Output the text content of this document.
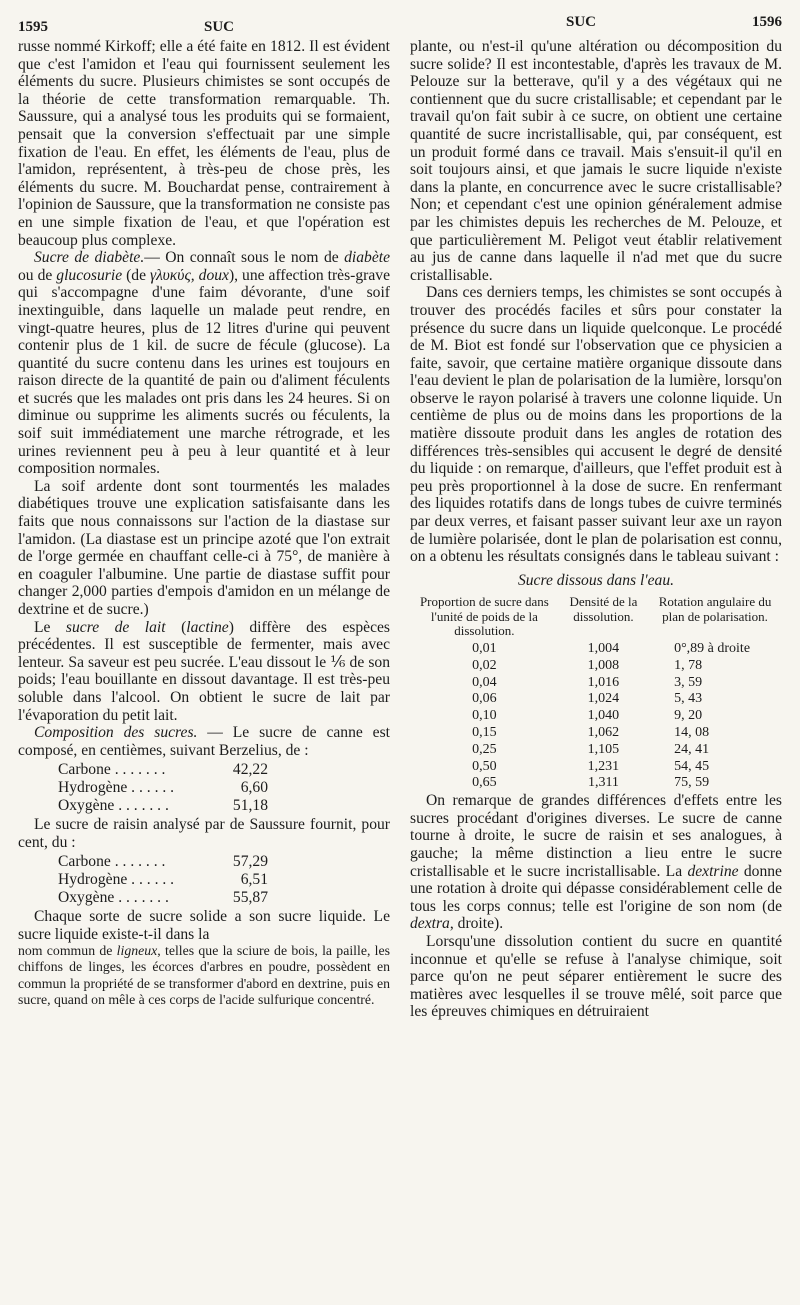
1595	SUC	SUC	1596

russe nommé Kirkoff; elle a été faite en 1812. Il est évident que c'est l'amidon et l'eau qui fournissent seulement les éléments du sucre. Plusieurs chimistes se sont occupés de la théorie de cette transformation remarquable. Th. Saussure, qui a analysé tous les produits qui se formaient, pensait que la conversion s'effectuait par une simple fixation de l'eau. En effet, les éléments de l'eau, plus de l'amidon, représentent, à très-peu de chose près, les éléments du sucre. M. Bouchardat pense, contrairement à l'opinion de Saussure, que la transformation ne consiste pas en une simple fixation de l'eau, et que l'opération est beaucoup plus complexe.

Sucre de diabète.— On connaît sous le nom de diabète ou de glucosurie (de γλυκύς, doux), une affection très-grave qui s'accompagne d'une faim dévorante, d'une soif inextinguible, dans laquelle un malade peut rendre, en vingt-quatre heures, plus de 12 litres d'urine qui peuvent contenir plus de 1 kil. de sucre de fécule (glucose). La quantité du sucre contenu dans les urines est toujours en raison directe de la quantité de pain ou d'aliment féculents et sucrés que les malades ont pris dans les 24 heures. Si on diminue ou supprime les aliments sucrés ou féculents, la soif suit immédiatement une marche rétrograde, et les urines reviennent peu à peu à leur quantité et à leur composition normales.

La soif ardente dont sont tourmentés les malades diabétiques trouve une explication satisfaisante dans les faits que nous connaissons sur l'action de la diastase sur l'amidon. (La diastase est un principe azoté que l'on extrait de l'orge germée en chauffant celle-ci à 75°, de manière à en coaguler l'albumine. Une partie de diastase suffit pour changer 2,000 parties d'empois d'amidon en un mélange de dextrine et de sucre.)

Le sucre de lait (lactine) diffère des espèces précédentes. Il est susceptible de fermenter, mais avec lenteur. Sa saveur est peu sucrée. L'eau dissout le ⅙ de son poids; l'eau bouillante en dissout davantage. Il est très-peu soluble dans l'alcool. On obtient le sucre de lait par l'évaporation du petit lait.

Composition des sucres. — Le sucre de canne est composé, en centièmes, suivant Berzelius, de :

Carbone . . . . . . .	42,22
Hydrogène . . . . . .	6,60
Oxygène . . . . . . .	51,18

Le sucre de raisin analysé par de Saussure fournit, pour cent, du :

Carbone . . . . . . .	57,29
Hydrogène . . . . . .	6,51
Oxygène . . . . . . .	55,87

Chaque sorte de sucre solide a son sucre liquide. Le sucre liquide existe-t-il dans la

nom commun de ligneux, telles que la sciure de bois, la paille, les chiffons de linges, les écorces d'arbres en poudre, possèdent en commun la propriété de se transformer d'abord en dextrine, puis en sucre, quand on mêle à ces corps de l'acide sulfurique concentré.

plante, ou n'est-il qu'une altération ou décomposition du sucre solide? Il est incontestable, d'après les travaux de M. Pelouze sur la betterave, qu'il y a des végétaux qui ne contiennent que du sucre cristallisable; et cependant par le travail qu'on fait subir à ce sucre, on obtient une certaine quantité de sucre incristallisable, qui, par conséquent, est un produit formé dans ce travail. Mais s'ensuit-il qu'il en soit toujours ainsi, et que jamais le sucre liquide n'existe dans la plante, en concurrence avec le sucre cristallisable? Non; et cependant c'est une opinion généralement admise par les chimistes depuis les recherches de M. Pelouze, et que particulièrement M. Peligot veut établir relativement au jus de canne dans laquelle il n'ad met que du sucre cristallisable.

Dans ces derniers temps, les chimistes se sont occupés à trouver des procédés faciles et sûrs pour constater la présence du sucre dans un liquide quelconque. Le procédé de M. Biot est fondé sur l'observation que ce physicien a faite, savoir, que certaine matière organique dissoute dans l'eau devient le plan de polarisation de la lumière, lorsqu'on observe le rayon polarisé à travers une colonne liquide. Un centième de plus ou de moins dans les proportions de la matière dissoute produit dans les angles de rotation des différences très-sensibles qui accusent le degré de densité du liquide : on remarque, d'ailleurs, que l'effet produit est à peu près proportionnel à la dose de sucre. En renfermant des liquides rotatifs dans de longs tubes de cuivre terminés par deux verres, et faisant passer suivant leur axe un rayon de lumière polarisée, dont le plan de polarisation est connu, on a obtenu les résultats consignés dans le tableau suivant :

Sucre dissous dans l'eau.
Proportion de sucre dans l'unité de poids de la dissolution.	Densité de la dissolution.	Rotation angulaire du plan de polarisation.
0,01	1,004	0°,89 à droite
0,02	1,008	1, 78
0,04	1,016	3, 59
0,06	1,024	5, 43
0,10	1,040	9, 20
0,15	1,062	14, 08
0,25	1,105	24, 41
0,50	1,231	54, 45
0,65	1,311	75, 59

On remarque de grandes différences d'effets entre les sucres procédant d'origines diverses. Le sucre de canne tourne à droite, le sucre de raisin et ses analogues, à gauche; la même distinction a lieu entre le sucre cristallisable et le sucre incristallisable. La dextrine donne une rotation à droite qui dépasse considérablement celle de tous les corps connus; telle est l'origine de son nom (de dextra, droite).

Lorsqu'une dissolution contient du sucre en quantité inconnue et qu'elle se refuse à l'analyse chimique, soit parce qu'on ne peut séparer entièrement le sucre des matières avec lesquelles il se trouve mêlé, soit parce que les épreuves chimiques en détruiraient
